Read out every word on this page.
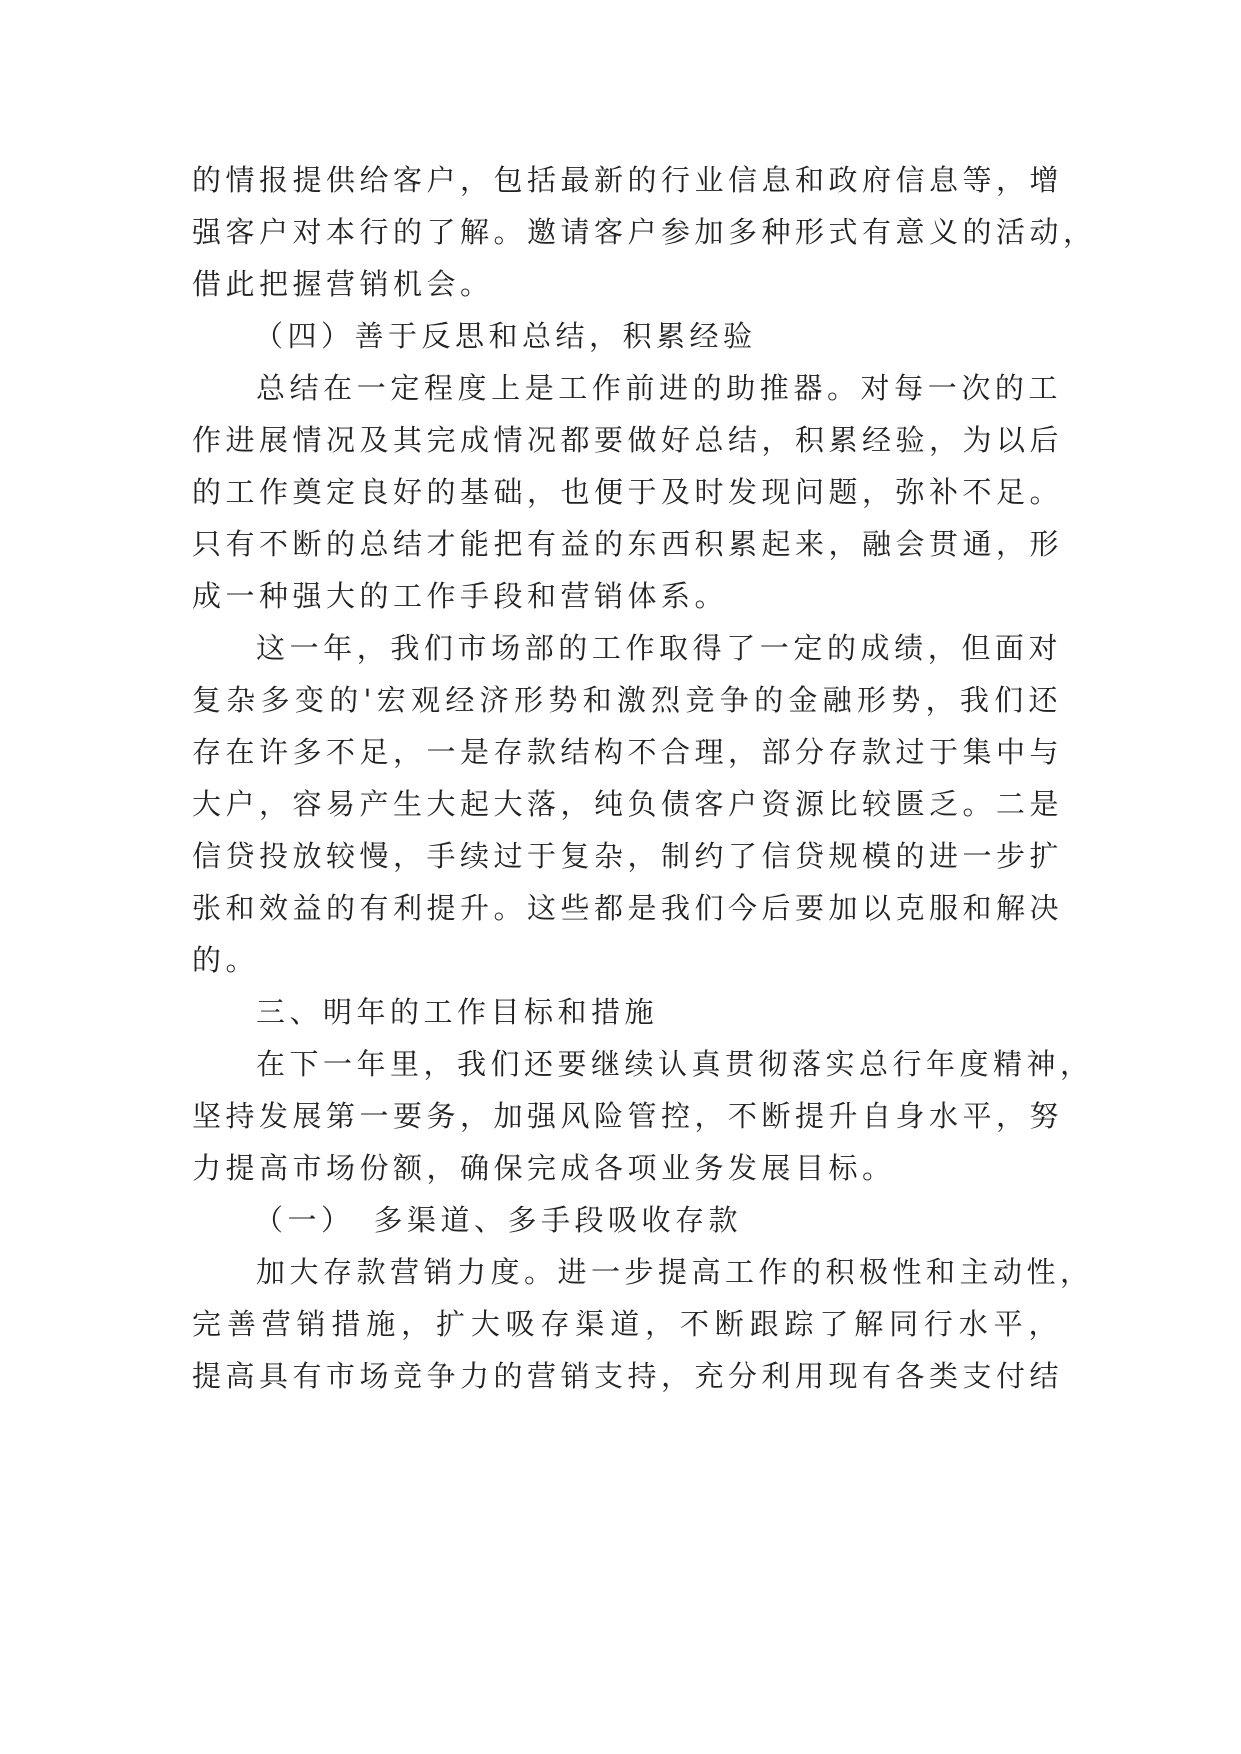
的情报提供给客户，包括最新的行业信息和政府信息等，增
强客户对本行的了解。邀请客户参加多种形式有意义的活动，
借此把握营销机会。
（四）善于反思和总结，积累经验
总结在一定程度上是工作前进的助推器。对每一次的工
作进展情况及其完成情况都要做好总结，积累经验，为以后
的工作奠定良好的基础，也便于及时发现问题，弥补不足。
只有不断的总结才能把有益的东西积累起来，融会贯通，形
成一种强大的工作手段和营销体系。
这一年，我们市场部的工作取得了一定的成绩，但面对
复杂多变的'宏观经济形势和激烈竞争的金融形势，我们还
存在许多不足，一是存款结构不合理，部分存款过于集中与
大户，容易产生大起大落，纯负债客户资源比较匮乏。二是
信贷投放较慢，手续过于复杂，制约了信贷规模的进一步扩
张和效益的有利提升。这些都是我们今后要加以克服和解决
的。
三、明年的工作目标和措施
在下一年里，我们还要继续认真贯彻落实总行年度精神，
坚持发展第一要务，加强风险管控，不断提升自身水平，努
力提高市场份额，确保完成各项业务发展目标。
（一）　多渠道、多手段吸收存款
加大存款营销力度。进一步提高工作的积极性和主动性，
完善营销措施，扩大吸存渠道，不断跟踪了解同行水平，
提高具有市场竞争力的营销支持，充分利用现有各类支付结
